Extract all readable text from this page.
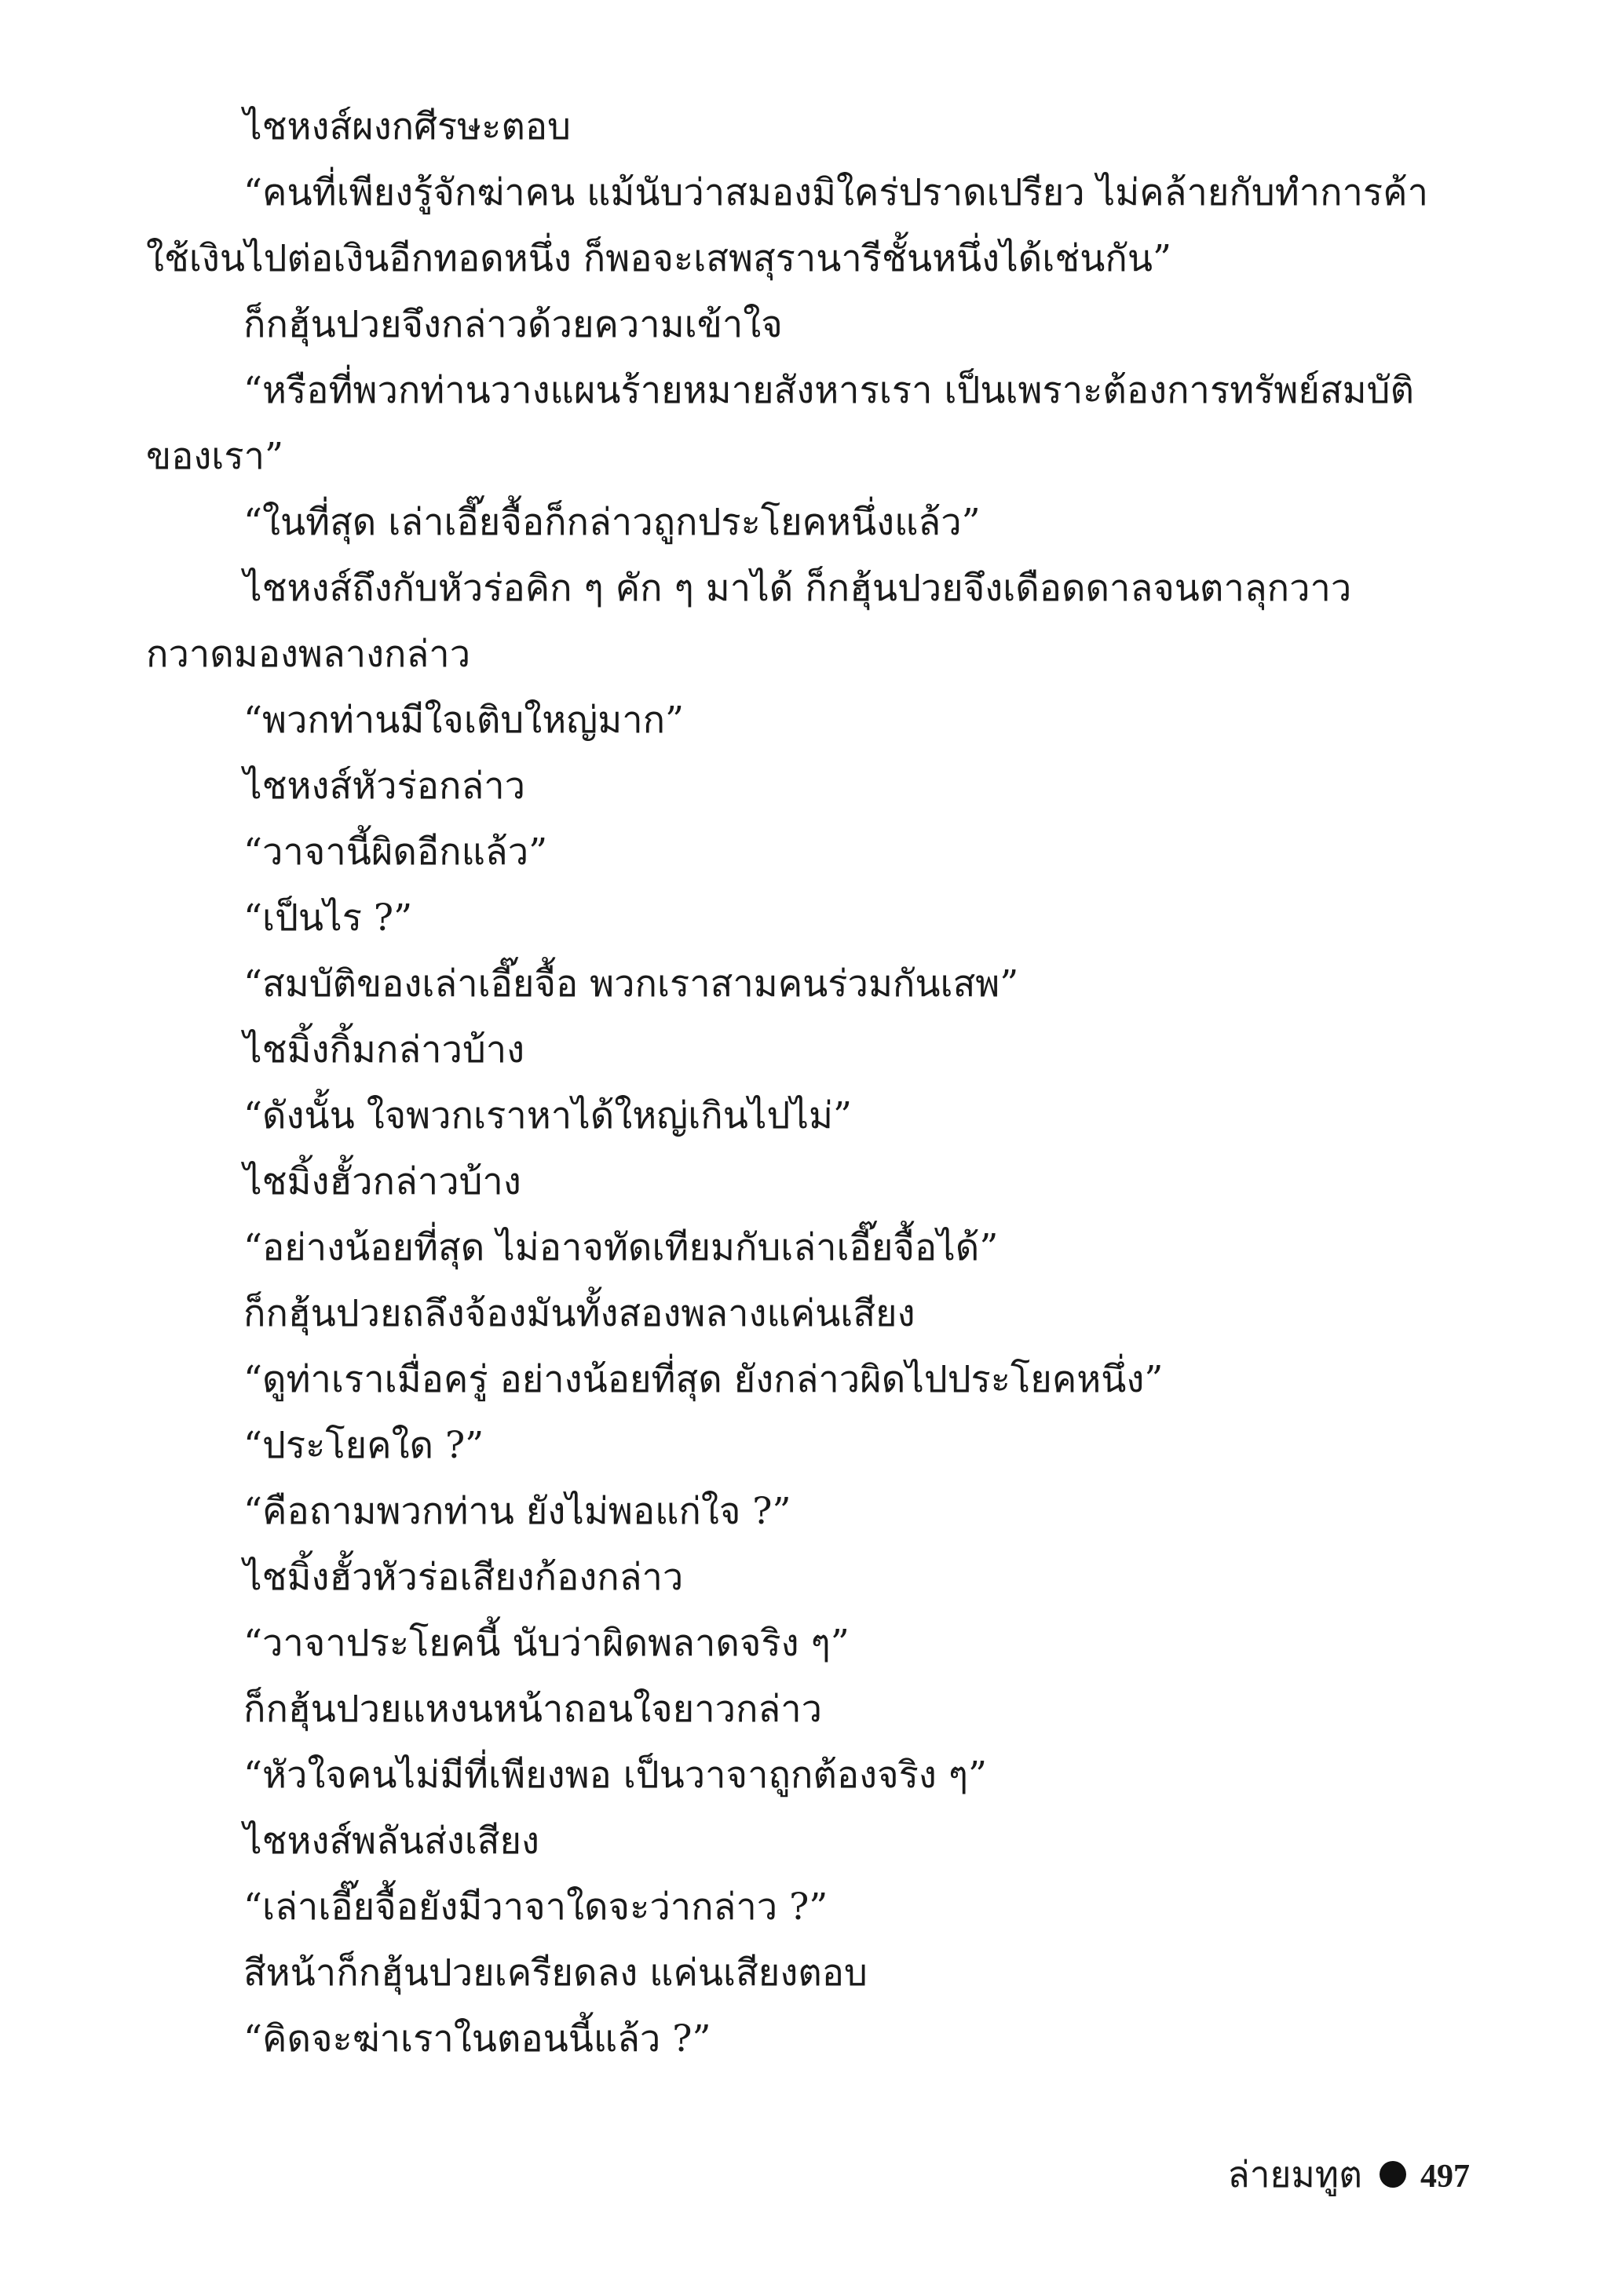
ไชหงส์ผงกศีรษะตอบ
“คนที่เพียงรู้จักฆ่าคน แม้นับว่าสมองมิใคร่ปราดเปรียว ไม่คล้ายกับทำการค้า
ใช้เงินไปต่อเงินอีกทอดหนึ่ง ก็พอจะเสพสุรานารีชั้นหนึ่งได้เช่นกัน”
ก็กฮุ้นปวยจึงกล่าวด้วยความเข้าใจ
“หรือที่พวกท่านวางแผนร้ายหมายสังหารเรา เป็นเพราะต้องการทรัพย์สมบัติ
ของเรา”
“ในที่สุด เล่าเอี๊ยจื้อก็กล่าวถูกประโยคหนึ่งแล้ว”
ไชหงส์ถึงกับหัวร่อคิก ๆ คัก ๆ มาได้ ก็กฮุ้นปวยจึงเดือดดาลจนตาลุกวาว
กวาดมองพลางกล่าว
“พวกท่านมีใจเติบใหญ่มาก”
ไชหงส์หัวร่อกล่าว
“วาจานี้ผิดอีกแล้ว”
“เป็นไร ?”
“สมบัติของเล่าเอี๊ยจื้อ พวกเราสามคนร่วมกันเสพ”
ไชมิ้งกิ้มกล่าวบ้าง
“ดังนั้น ใจพวกเราหาได้ใหญ่เกินไปไม่”
ไชมิ้งฮั้วกล่าวบ้าง
“อย่างน้อยที่สุด ไม่อาจทัดเทียมกับเล่าเอี๊ยจื้อได้”
ก็กฮุ้นปวยถลึงจ้องมันทั้งสองพลางแค่นเสียง
“ดูท่าเราเมื่อครู่ อย่างน้อยที่สุด ยังกล่าวผิดไปประโยคหนึ่ง”
“ประโยคใด ?”
“คือถามพวกท่าน ยังไม่พอแก่ใจ ?”
ไชมิ้งฮั้วหัวร่อเสียงก้องกล่าว
“วาจาประโยคนี้ นับว่าผิดพลาดจริง ๆ”
ก็กฮุ้นปวยแหงนหน้าถอนใจยาวกล่าว
“หัวใจคนไม่มีที่เพียงพอ เป็นวาจาถูกต้องจริง ๆ”
ไชหงส์พลันส่งเสียง
“เล่าเอี๊ยจื้อยังมีวาจาใดจะว่ากล่าว ?”
สีหน้าก็กฮุ้นปวยเครียดลง แค่นเสียงตอบ
“คิดจะฆ่าเราในตอนนี้แล้ว ?”
ล่ายมทูต 497
